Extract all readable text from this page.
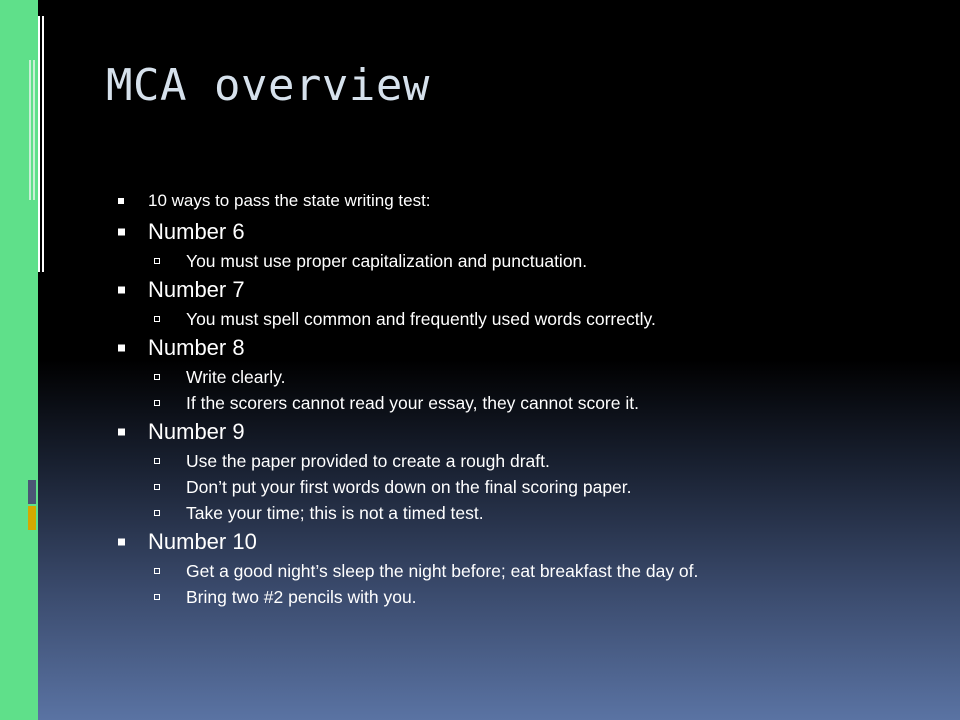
MCA overview
10 ways to pass the state writing test:
Number 6
You must use proper capitalization and punctuation.
Number 7
You must spell common and frequently used words correctly.
Number 8
Write clearly.
If the scorers cannot read your essay, they cannot score it.
Number 9
Use the paper provided to create a rough draft.
Don’t put your first words down on the final scoring paper.
Take your time; this is not a timed test.
Number 10
Get a good night’s sleep the night before; eat breakfast the day of.
Bring two #2 pencils with you.
